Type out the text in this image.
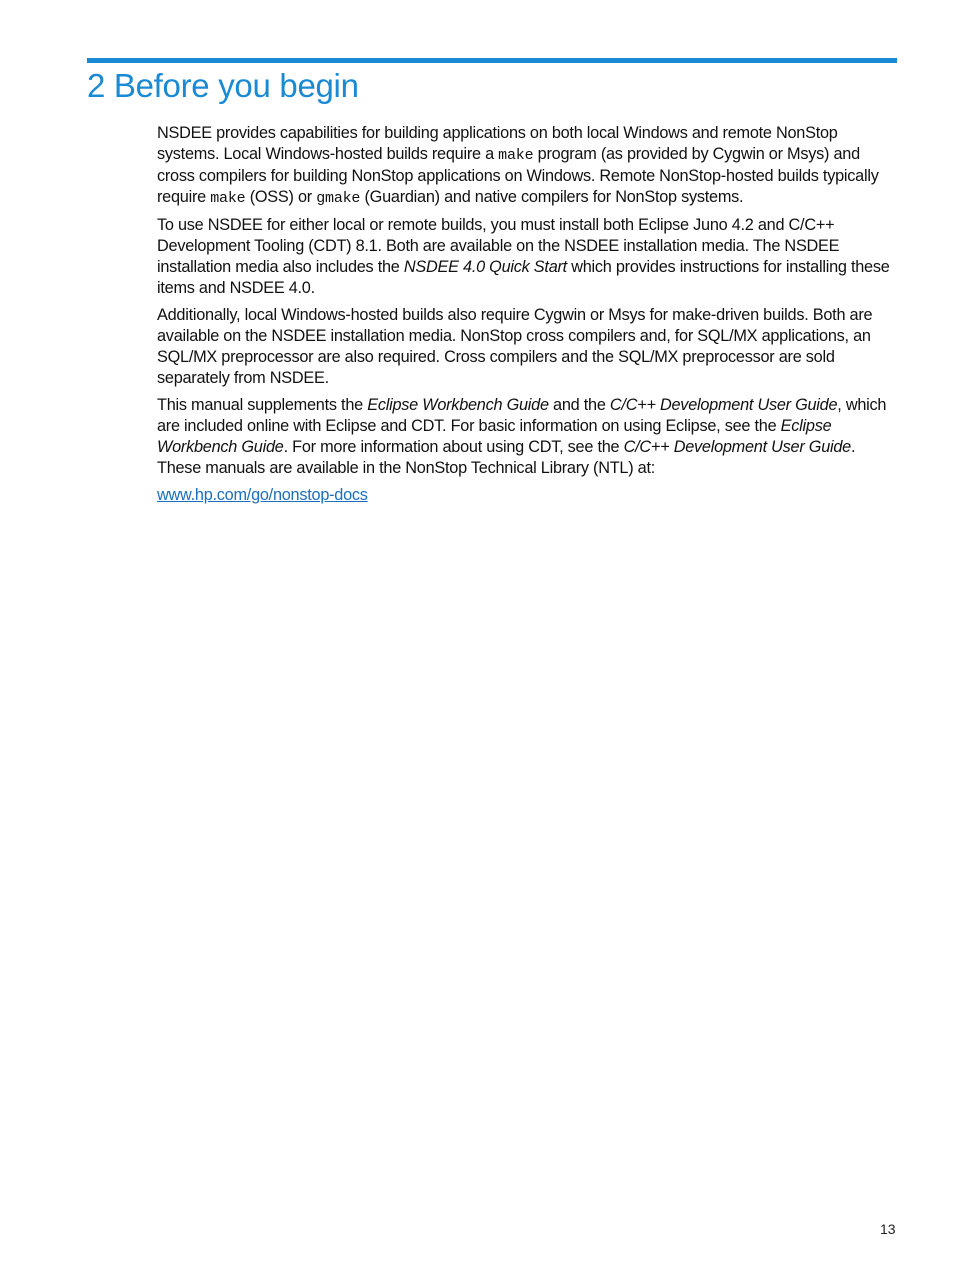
2 Before you begin

NSDEE provides capabilities for building applications on both local Windows and remote NonStop systems. Local Windows-hosted builds require a make program (as provided by Cygwin or Msys) and cross compilers for building NonStop applications on Windows. Remote NonStop-hosted builds typically require make (OSS) or gmake (Guardian) and native compilers for NonStop systems.

To use NSDEE for either local or remote builds, you must install both Eclipse Juno 4.2 and C/C++ Development Tooling (CDT) 8.1. Both are available on the NSDEE installation media. The NSDEE installation media also includes the NSDEE 4.0 Quick Start which provides instructions for installing these items and NSDEE 4.0.

Additionally, local Windows-hosted builds also require Cygwin or Msys for make-driven builds. Both are available on the NSDEE installation media. NonStop cross compilers and, for SQL/MX applications, an SQL/MX preprocessor are also required. Cross compilers and the SQL/MX preprocessor are sold separately from NSDEE.

This manual supplements the Eclipse Workbench Guide and the C/C++ Development User Guide, which are included online with Eclipse and CDT. For basic information on using Eclipse, see the Eclipse Workbench Guide. For more information about using CDT, see the C/C++ Development User Guide. These manuals are available in the NonStop Technical Library (NTL) at:

www.hp.com/go/nonstop-docs

13
